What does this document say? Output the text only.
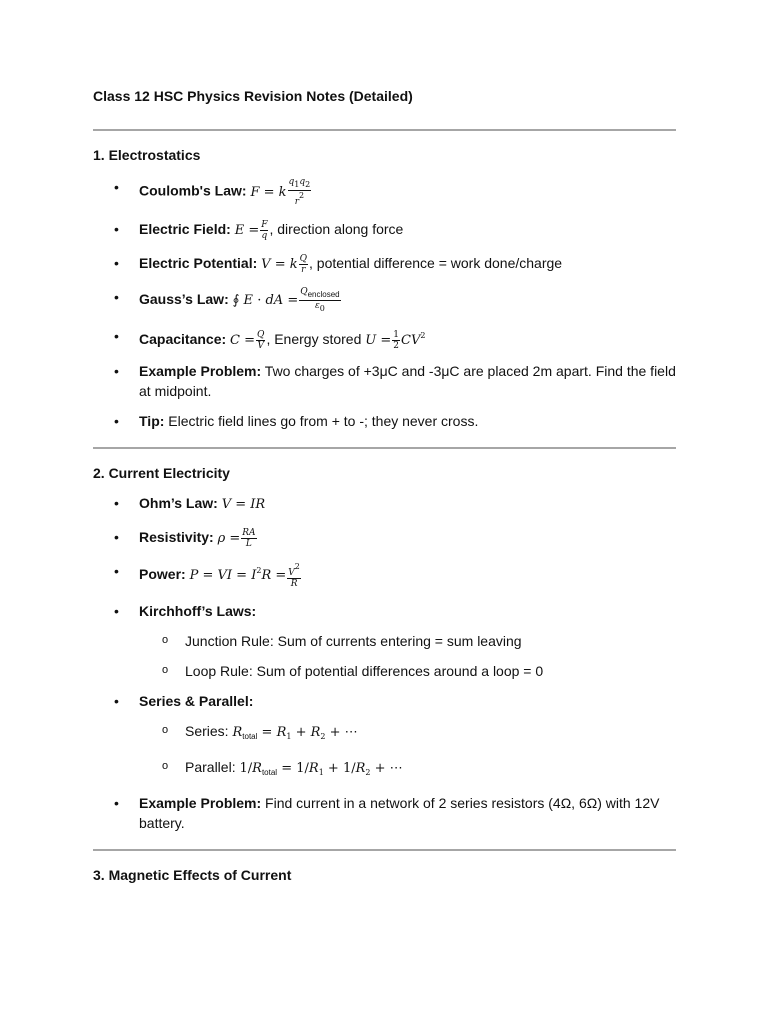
Class 12 HSC Physics Revision Notes (Detailed)

1. Electrostatics

• Coulomb's Law: F = k $\frac{q1q2}{r2}$
• Electric Field: $E = \frac{F}{q}$ , direction along force
• Electric Potential: V = k $\frac{Q}{r}$ , potential difference = work done/charge
• Gauss’s Law: ∮ E · dA = $\frac{\text{Qenclosed}}{\varepsilon 0}$
• Capacitance: $C = \frac{Q}{V}$ , Energy stored $U = \frac{1}{2} CV^2$
• Example Problem: Two charges of +3μC and -3μC are placed 2m apart. Find the field at midpoint.
• Tip: Electric field lines go from + to -; they never cross.

2. Current Electricity

• Ohm’s Law: V = IR
• Resistivity: $\rho = \frac{RA}{L}$
• Power: P = VI = $I^2R = \frac{V2}{R}$
• Kirchhoff’s Laws:
o Junction Rule: Sum of currents entering = sum leaving
o Loop Rule: Sum of potential differences around a loop = 0
• Series & Parallel:
o Series: $R_{total} = R_1 + R_2$ + ⋯
o Parallel: $1/R_{total} = 1/R_1 + 1/R_2$ + ⋯
• Example Problem: Find current in a network of 2 series resistors (4Ω, 6Ω) with 12V battery.

3. Magnetic Effects of Current
